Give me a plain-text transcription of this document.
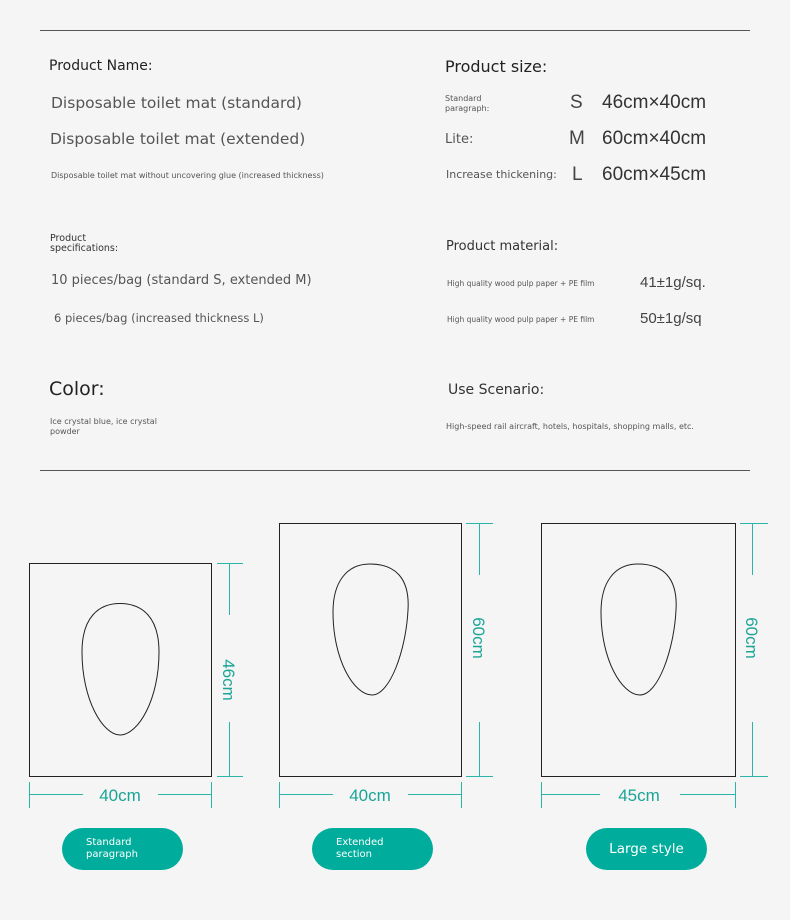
Product Name:
Disposable toilet mat (standard)
Disposable toilet mat (extended)
Disposable toilet mat without uncovering glue (increased thickness)
Product size:
Standard
paragraph:	S 46cm×40cm
Lite:	M 60cm×40cm
Increase thickening: L 60cm×45cm
Product
specifications:
10 pieces/bag (standard S, extended M)
6 pieces/bag (increased thickness L)
Product material:
High quality wood pulp paper + PE film	41±1g/sq.
High quality wood pulp paper + PE film	50±1g/sq
Color:
Ice crystal blue, ice crystal
powder
Use Scenario:
High-speed rail aircraft, hotels, hospitals, shopping malls, etc.
40cm
46cm
40cm
60cm
45cm
60cm
Standard
paragraph
Extended
section	Large style
